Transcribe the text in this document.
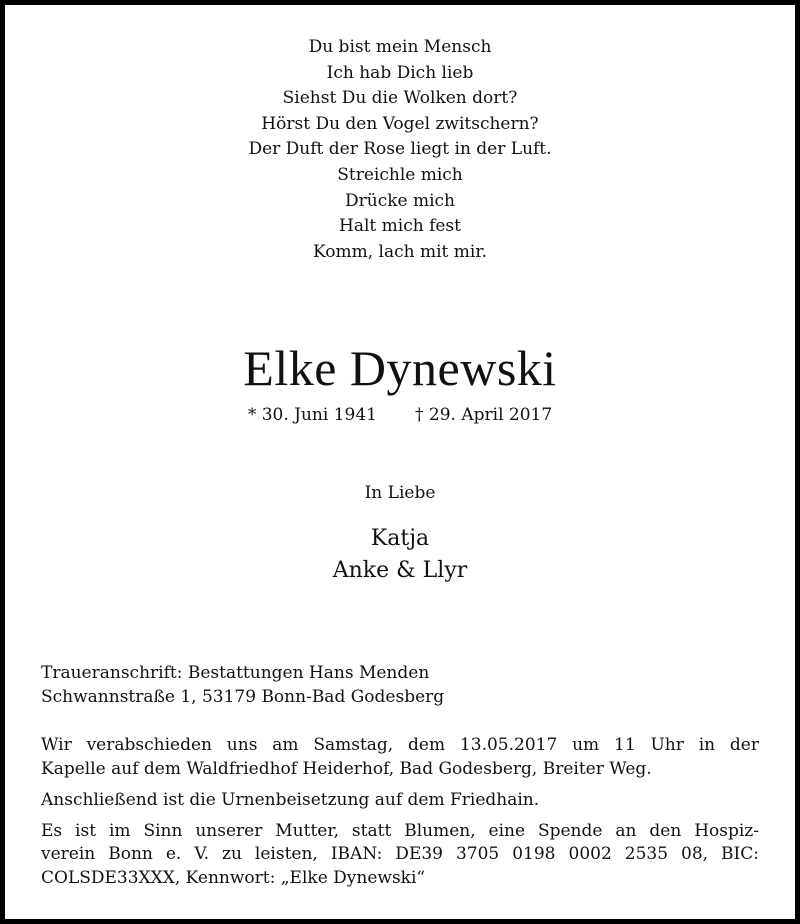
Du bist mein Mensch
Ich hab Dich lieb
Siehst Du die Wolken dort?
Hörst Du den Vogel zwitschern?
Der Duft der Rose liegt in der Luft.
Streichle mich
Drücke mich
Halt mich fest
Komm, lach mit mir.
Elke Dynewski
* 30. Juni 1941 † 29. April 2017
In Liebe
Katja
Anke & Llyr
Traueranschrift: Bestattungen Hans Menden
Schwannstraße 1, 53179 Bonn-Bad Godesberg

Wir verabschieden uns am Samstag, dem 13.05.2017 um 11 Uhr in der
Kapelle auf dem Waldfriedhof Heiderhof, Bad Godesberg, Breiter Weg.

Anschließend ist die Urnenbeisetzung auf dem Friedhain.

Es ist im Sinn unserer Mutter, statt Blumen, eine Spende an den Hospiz-
verein Bonn e. V. zu leisten, IBAN: DE39 3705 0198 0002 2535 08, BIC:
COLSDE33XXX, Kennwort: „Elke Dynewski“
